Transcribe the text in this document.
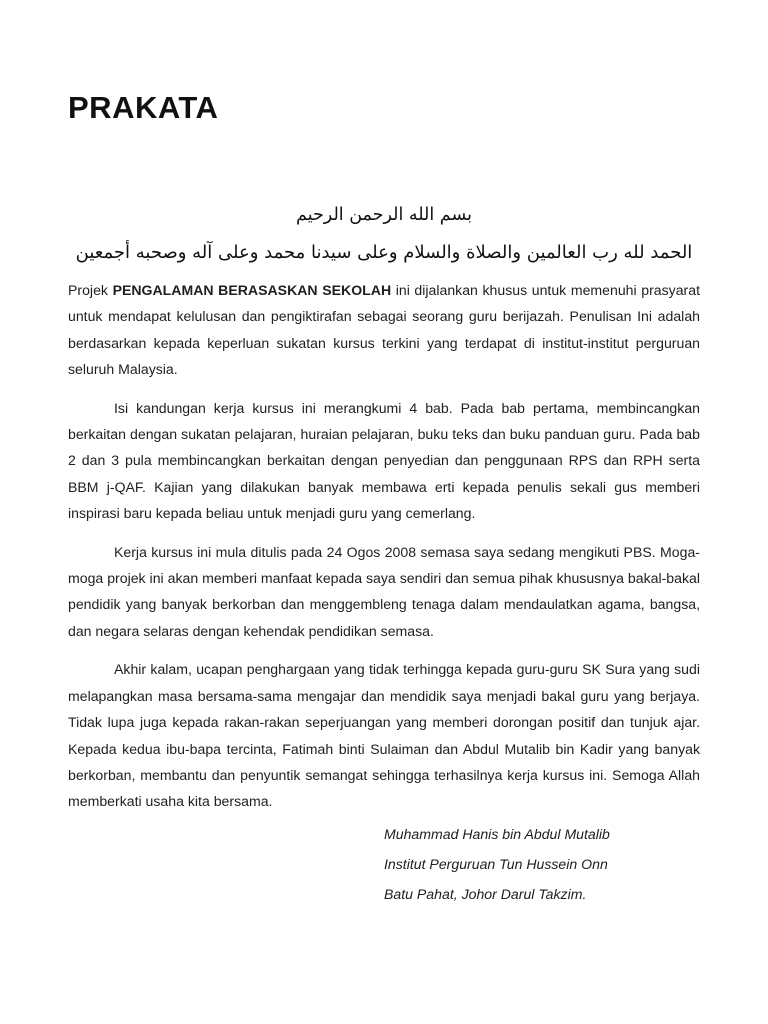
PRAKATA

بسم الله الرحمن الرحيم

الحمد لله رب العالمين والصلاة والسلام وعلى سيدنا محمد وعلى آله وصحبه أجمعين

Projek PENGALAMAN BERASASKAN SEKOLAH ini dijalankan khusus untuk memenuhi prasyarat untuk mendapat kelulusan dan pengiktirafan sebagai seorang guru berijazah. Penulisan Ini adalah berdasarkan kepada keperluan sukatan kursus terkini yang terdapat di institut-institut perguruan seluruh Malaysia.

Isi kandungan kerja kursus ini merangkumi 4 bab. Pada bab pertama, membincangkan berkaitan dengan sukatan pelajaran, huraian pelajaran, buku teks dan buku panduan guru. Pada bab 2 dan 3 pula membincangkan berkaitan dengan penyedian dan penggunaan RPS dan RPH serta BBM j-QAF. Kajian yang dilakukan banyak membawa erti kepada penulis sekali gus memberi inspirasi baru kepada beliau untuk menjadi guru yang cemerlang.

Kerja kursus ini mula ditulis pada 24 Ogos 2008 semasa saya sedang mengikuti PBS. Moga-moga projek ini akan memberi manfaat kepada saya sendiri dan semua pihak khususnya bakal-bakal pendidik yang banyak berkorban dan menggembleng tenaga dalam mendaulatkan agama, bangsa, dan negara selaras dengan kehendak pendidikan semasa.

Akhir kalam, ucapan penghargaan yang tidak terhingga kepada guru-guru SK Sura yang sudi melapangkan masa bersama-sama mengajar dan mendidik saya menjadi bakal guru yang berjaya. Tidak lupa juga kepada rakan-rakan seperjuangan yang memberi dorongan positif dan tunjuk ajar. Kepada kedua ibu-bapa tercinta, Fatimah binti Sulaiman dan Abdul Mutalib bin Kadir yang banyak berkorban, membantu dan penyuntik semangat sehingga terhasilnya kerja kursus ini. Semoga Allah memberkati usaha kita bersama.

Muhammad Hanis bin Abdul Mutalib
Institut Perguruan Tun Hussein Onn
Batu Pahat, Johor Darul Takzim.
